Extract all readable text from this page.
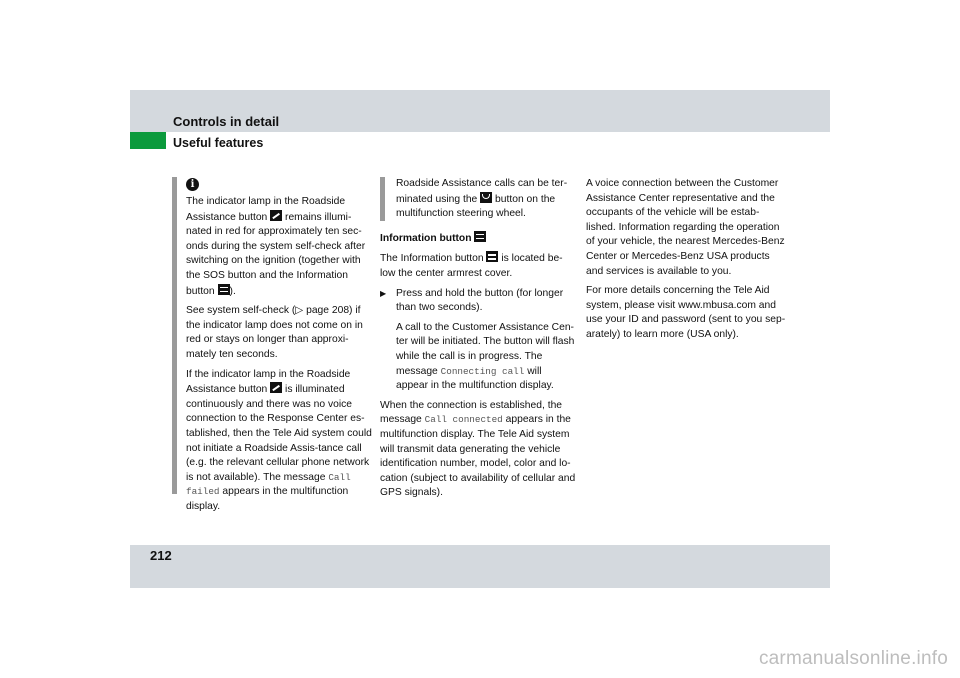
Controls in detail
Useful features
i

The indicator lamp in the Roadside Assistance button remains illumi-nated in red for approximately ten sec-onds during the system self-check after switching on the ignition (together with the SOS button and the Information button ).

See system self-check (▷ page 208) if the indicator lamp does not come on in red or stays on longer than approxi-mately ten seconds.

If the indicator lamp in the Roadside Assistance button is illuminated continuously and there was no voice connection to the Response Center es-tablished, then the Tele Aid system could not initiate a Roadside Assis-tance call (e.g. the relevant cellular phone network is not available). The message Call failed appears in the multifunction display.

Roadside Assistance calls can be ter-minated using the button on the multifunction steering wheel.

Information button

The Information button is located be-low the center armrest cover.

▶ Press and hold the button (for longer than two seconds).

A call to the Customer Assistance Cen-ter will be initiated. The button will flash while the call is in progress. The message Connecting call will appear in the multifunction display.

When the connection is established, the message Call connected appears in the multifunction display. The Tele Aid system will transmit data generating the vehicle identification number, model, color and lo-cation (subject to availability of cellular and GPS signals).

A voice connection between the Customer Assistance Center representative and the occupants of the vehicle will be estab-lished. Information regarding the operation of your vehicle, the nearest Mercedes-Benz Center or Mercedes-Benz USA products and services is available to you.

For more details concerning the Tele Aid system, please visit www.mbusa.com and use your ID and password (sent to you sep-arately) to learn more (USA only).

212
carmanualsonline.info
